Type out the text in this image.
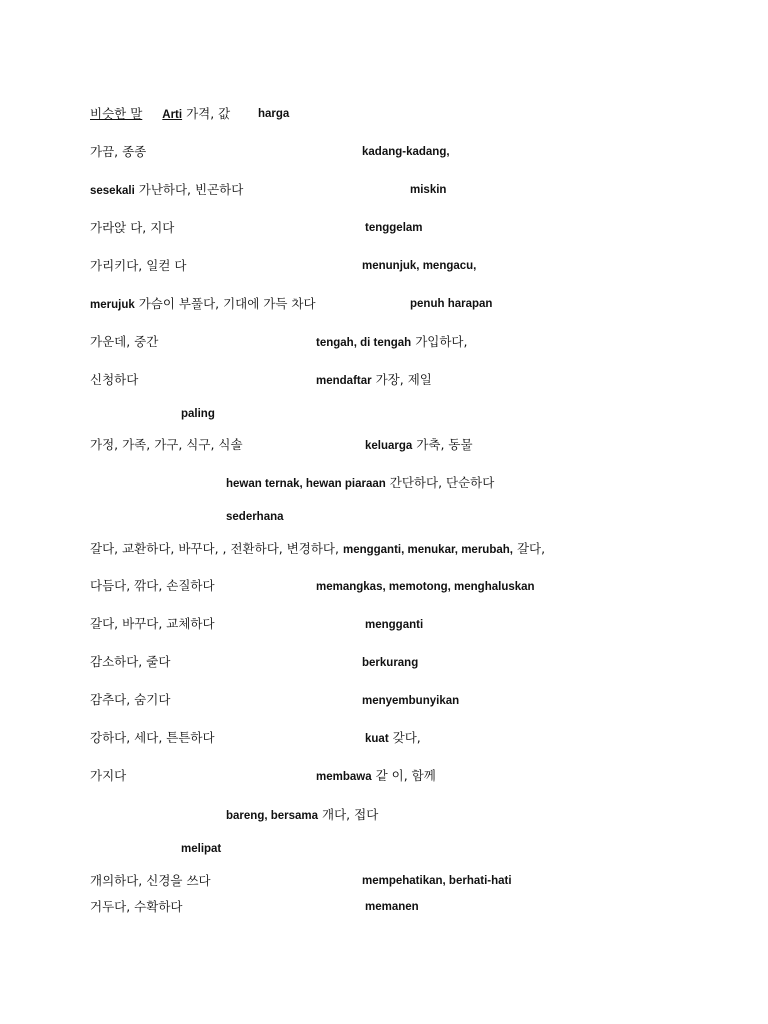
비슷한 말 Arti 가격, 값 harga
가끔, 종종	kadang-kadang,
sesekali 가난하다, 빈곤하다	miskin
가라앉 다, 지다	tenggelam
가리키다, 일컫 다	menunjuk, mengacu,
merujuk 가슴이 부풀다, 기대에 가득 차다	penuh harapan
가운데, 중간	tengah, di tengah 가입하다,
신청하다	mendaftar 가장, 제일
paling
가정, 가족, 가구, 식구, 식솔	keluarga 가축, 동물
hewan ternak, hewan piaraan 간단하다, 단순하다
sederhana
갈다, 교환하다, 바꾸다, , 전환하다, 변경하다, mengganti, menukar, merubah, 갈다,
다듬다, 깎다, 손질하다	memangkas, memotong, menghaluskan
갈다, 바꾸다, 교체하다	mengganti
감소하다, 줄다	berkurang
감추다, 숨기다	menyembunyikan
강하다, 세다, 튼튼하다	kuat 갖다,
가지다	membawa 같 이, 함께
bareng, bersama 개다, 접다
melipat
개의하다, 신경을 쓰다	mempehatikan, berhati-hati
거두다, 수확하다	memanen
